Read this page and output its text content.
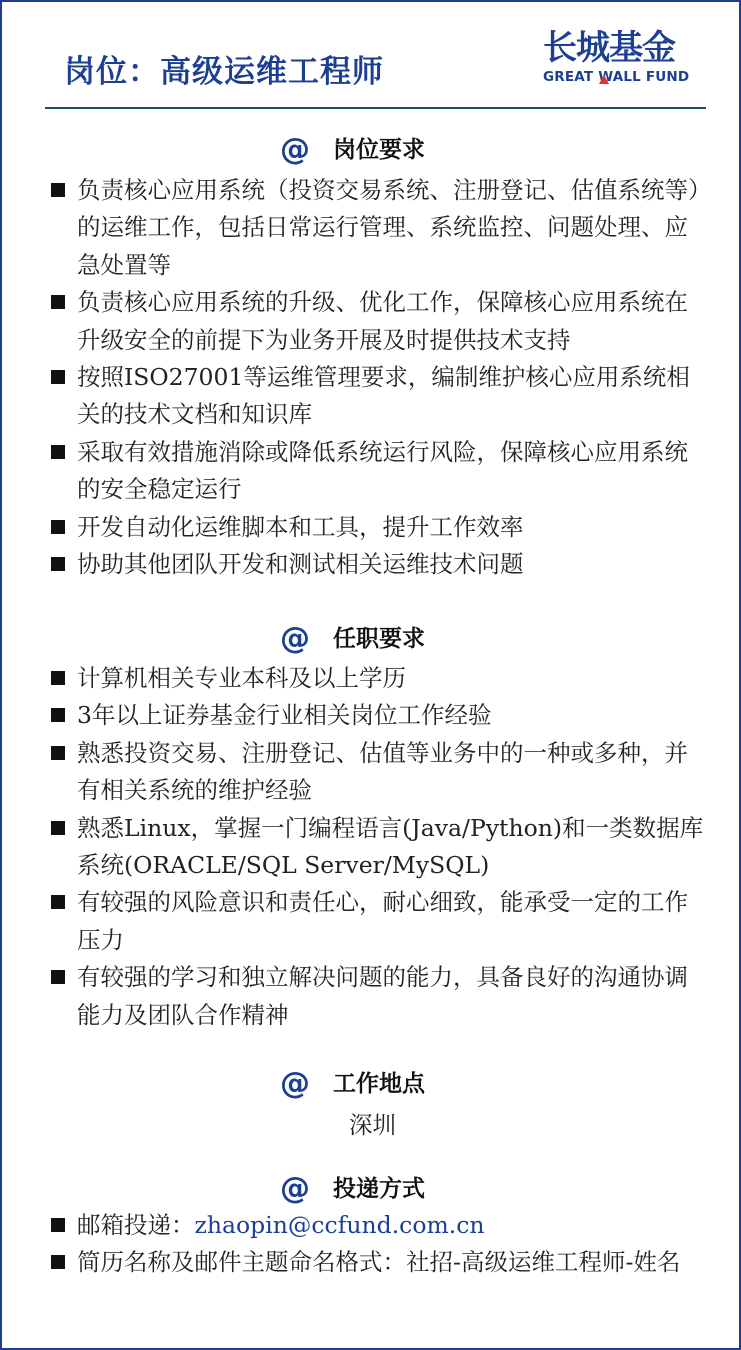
岗位：高级运维工程师
长城基金
GREAT WALL FUND
@ 岗位要求
负责核心应用系统（投资交易系统、注册登记、估值系统等）的运维工作，包括日常运行管理、系统监控、问题处理、应急处置等
负责核心应用系统的升级、优化工作，保障核心应用系统在升级安全的前提下为业务开展及时提供技术支持
按照ISO27001等运维管理要求，编制维护核心应用系统相关的技术文档和知识库
采取有效措施消除或降低系统运行风险，保障核心应用系统的安全稳定运行
开发自动化运维脚本和工具，提升工作效率
协助其他团队开发和测试相关运维技术问题
@ 任职要求
计算机相关专业本科及以上学历
3年以上证券基金行业相关岗位工作经验
熟悉投资交易、注册登记、估值等业务中的一种或多种，并有相关系统的维护经验
熟悉Linux，掌握一门编程语言(Java/Python)和一类数据库系统(ORACLE/SQL Server/MySQL)
有较强的风险意识和责任心，耐心细致，能承受一定的工作压力
有较强的学习和独立解决问题的能力，具备良好的沟通协调能力及团队合作精神
@ 工作地点
深圳
@ 投递方式
邮箱投递：zhaopin@ccfund.com.cn
简历名称及邮件主题命名格式：社招-高级运维工程师-姓名
